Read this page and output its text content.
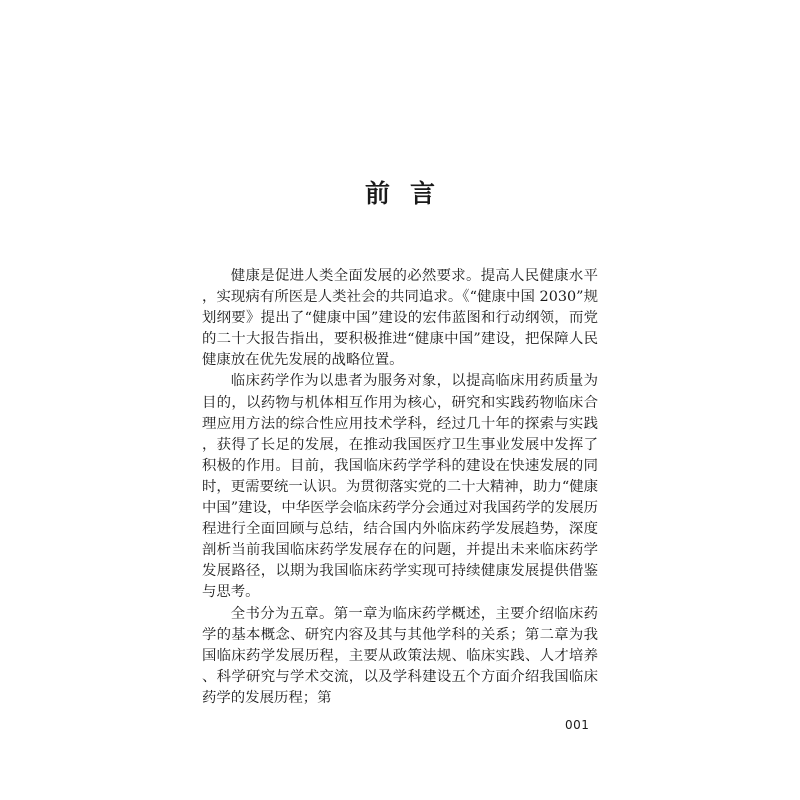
前言

健康是促进人类全面发展的必然要求。提高人民健康水平，实现病有所医是人类社会的共同追求。《“健康中国 2030”规划纲要》提出了“健康中国”建设的宏伟蓝图和行动纲领，而党的二十大报告指出，要积极推进“健康中国”建设，把保障人民健康放在优先发展的战略位置。

临床药学作为以患者为服务对象，以提高临床用药质量为目的，以药物与机体相互作用为核心，研究和实践药物临床合理应用方法的综合性应用技术学科，经过几十年的探索与实践，获得了长足的发展，在推动我国医疗卫生事业发展中发挥了积极的作用。目前，我国临床药学学科的建设在快速发展的同时，更需要统一认识。为贯彻落实党的二十大精神，助力“健康中国”建设，中华医学会临床药学分会通过对我国药学的发展历程进行全面回顾与总结，结合国内外临床药学发展趋势，深度剖析当前我国临床药学发展存在的问题，并提出未来临床药学发展路径，以期为我国临床药学实现可持续健康发展提供借鉴与思考。

全书分为五章。第一章为临床药学概述，主要介绍临床药学的基本概念、研究内容及其与其他学科的关系；第二章为我国临床药学发展历程，主要从政策法规、临床实践、人才培养、科学研究与学术交流，以及学科建设五个方面介绍我国临床药学的发展历程；第

001
